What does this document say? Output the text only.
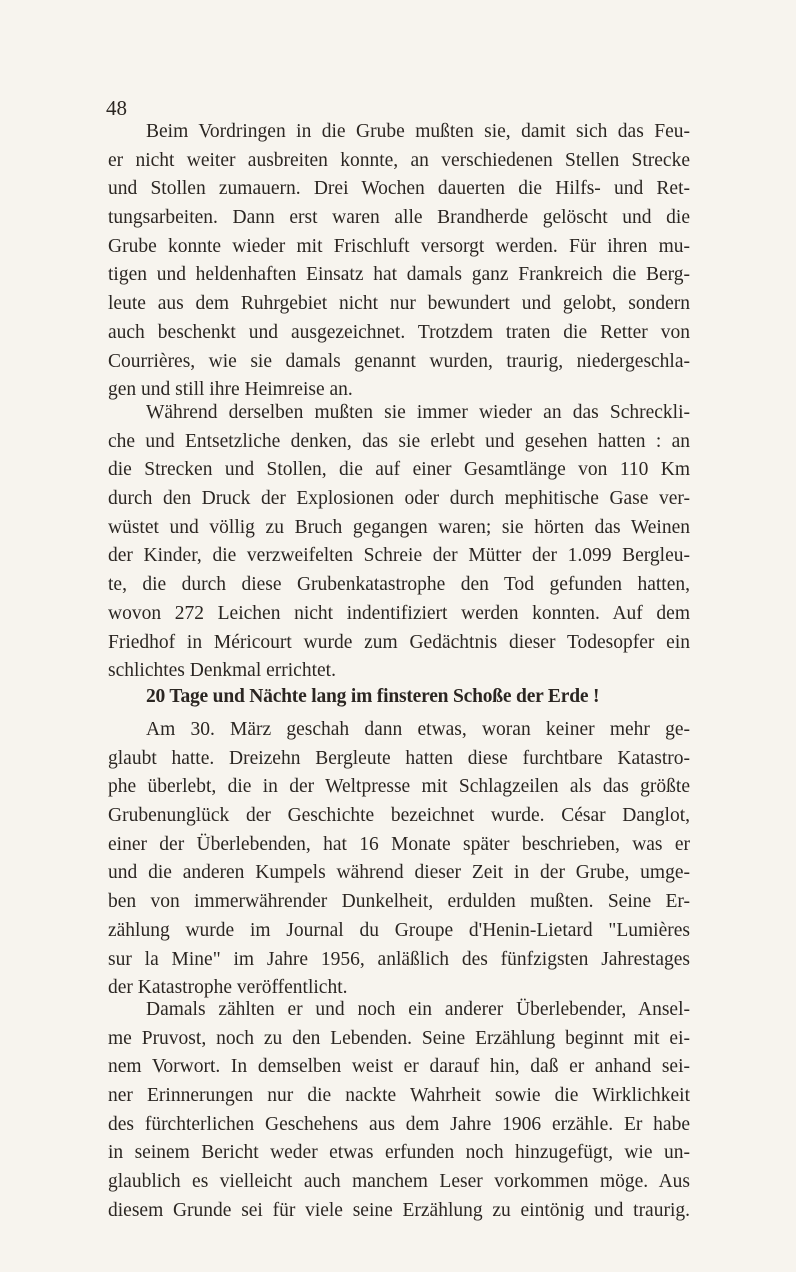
48
Beim Vordringen in die Grube mußten sie, damit sich das Feu-
er nicht weiter ausbreiten konnte, an verschiedenen Stellen Strecke
und Stollen zumauern. Drei Wochen dauerten die Hilfs- und Ret-
tungsarbeiten. Dann erst waren alle Brandherde gelöscht und die
Grube konnte wieder mit Frischluft versorgt werden. Für ihren mu-
tigen und heldenhaften Einsatz hat damals ganz Frankreich die Berg-
leute aus dem Ruhrgebiet nicht nur bewundert und gelobt, sondern
auch beschenkt und ausgezeichnet. Trotzdem traten die Retter von
Courrières, wie sie damals genannt wurden, traurig, niedergeschla-
gen und still ihre Heimreise an.
Während derselben mußten sie immer wieder an das Schreckli-
che und Entsetzliche denken, das sie erlebt und gesehen hatten : an
die Strecken und Stollen, die auf einer Gesamtlänge von 110 Km
durch den Druck der Explosionen oder durch mephitische Gase ver-
wüstet und völlig zu Bruch gegangen waren; sie hörten das Weinen
der Kinder, die verzweifelten Schreie der Mütter der 1.099 Bergleu-
te, die durch diese Grubenkatastrophe den Tod gefunden hatten,
wovon 272 Leichen nicht indentifiziert werden konnten. Auf dem
Friedhof in Méricourt wurde zum Gedächtnis dieser Todesopfer ein
schlichtes Denkmal errichtet.
20 Tage und Nächte lang im finsteren Schoße der Erde !
Am 30. März geschah dann etwas, woran keiner mehr ge-
glaubt hatte. Dreizehn Bergleute hatten diese furchtbare Katastro-
phe überlebt, die in der Weltpresse mit Schlagzeilen als das größte
Grubenunglück der Geschichte bezeichnet wurde. César Danglot,
einer der Überlebenden, hat 16 Monate später beschrieben, was er
und die anderen Kumpels während dieser Zeit in der Grube, umge-
ben von immerwährender Dunkelheit, erdulden mußten. Seine Er-
zählung wurde im Journal du Groupe d'Henin-Lietard "Lumières
sur la Mine" im Jahre 1956, anläßlich des fünfzigsten Jahrestages
der Katastrophe veröffentlicht.
Damals zählten er und noch ein anderer Überlebender, Ansel-
me Pruvost, noch zu den Lebenden. Seine Erzählung beginnt mit ei-
nem Vorwort. In demselben weist er darauf hin, daß er anhand sei-
ner Erinnerungen nur die nackte Wahrheit sowie die Wirklichkeit
des fürchterlichen Geschehens aus dem Jahre 1906 erzähle. Er habe
in seinem Bericht weder etwas erfunden noch hinzugefügt, wie un-
glaublich es vielleicht auch manchem Leser vorkommen möge. Aus
diesem Grunde sei für viele seine Erzählung zu eintönig und traurig.
